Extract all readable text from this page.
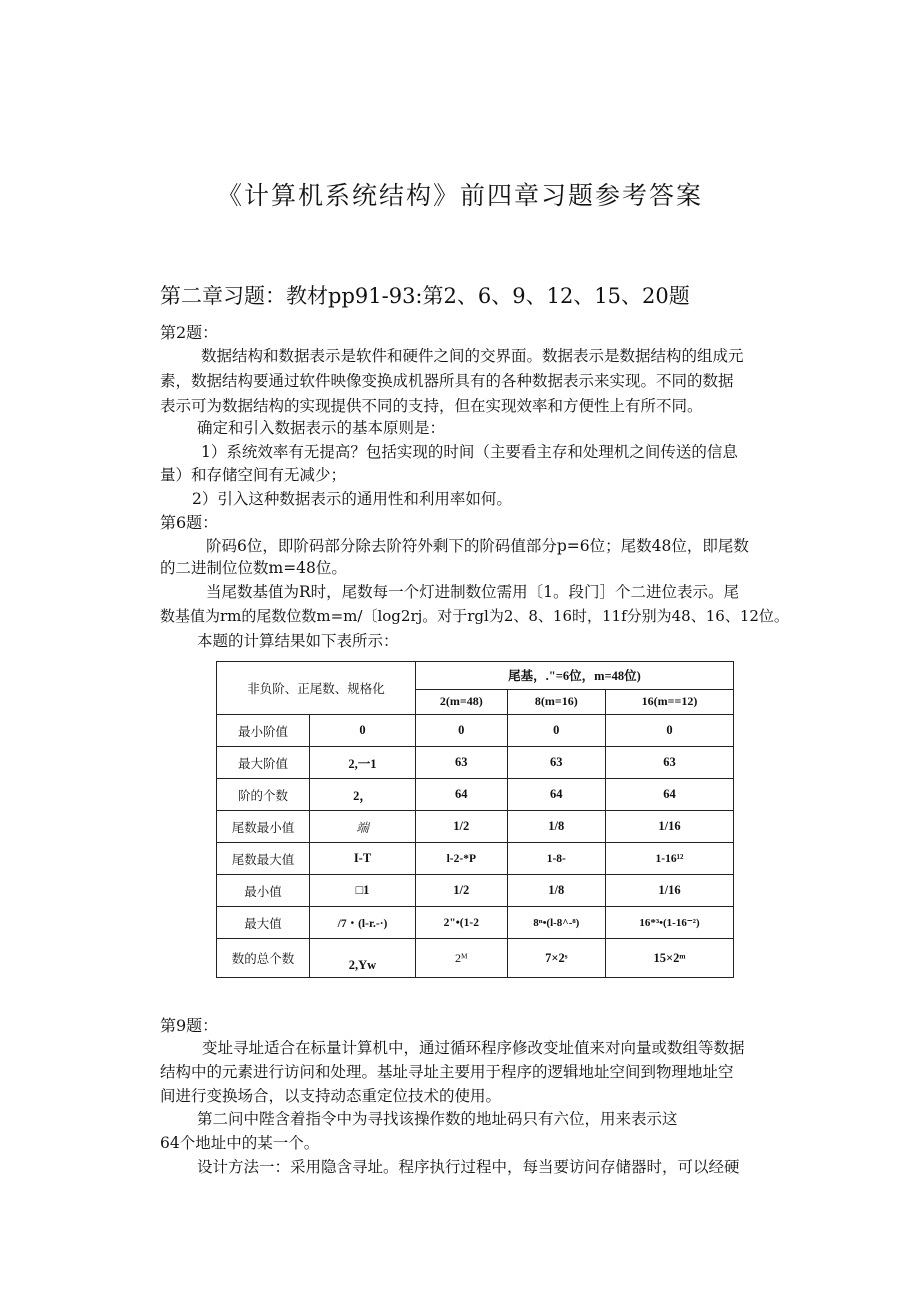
《计算机系统结构》前四章习题参考答案
第二章习题：教材pp91-93:第2、6、9、12、15、20题
第2题：
数据结构和数据表示是软件和硬件之间的交界面。数据表示是数据结构的组成元
素，数据结构要通过软件映像变换成机器所具有的各种数据表示来实现。不同的数据
表示可为数据结构的实现提供不同的支持，但在实现效率和方便性上有所不同。
确定和引入数据表示的基本原则是：
1）系统效率有无提高？包括实现的时间（主要看主存和处理机之间传送的信息
量）和存储空间有无减少；
2）引入这种数据表示的通用性和利用率如何。
第6题：
阶码6位，即阶码部分除去阶符外剩下的阶码值部分p=6位；尾数48位，即尾数
的二进制位位数m=48位。
当尾数基值为R时，尾数每一个灯进制数位需用〔1。段门］个二进位表示。尾
数基值为rm的尾数位数m=m/〔log2rj。对于rgl为2、8、16时，11f分别为48、16、12位。
本题的计算结果如下表所示：
非负阶、正尾数、规格化		尾基，."=6位，m=48位)		
		2(m=48)	8(m=16)	16(m==12)
最小阶值	0	0	0	0
最大阶值	2,一1	63	63	63
阶的个数	2，	64	64	64
尾数最小值	端	1/2	1/8	1/16
尾数最大值	I-T	l-2-*P	1-8-	1-16¹²
最小值	□1	1/2	1/8	1/16
最大值	/7・(l-r.-·)	2"•(1-2	8ⁿ•(l-8^-⁸)	16*³•(1-16⁻²)
数的总个数	2,Yw	2ᴹ	7×2ˢ	15×2ᵐ
第9题：
变址寻址适合在标量计算机中，通过循环程序修改变址值来对向量或数组等数据
结构中的元素进行访问和处理。基址寻址主要用于程序的逻辑地址空间到物理地址空
间进行变换场合，以支持动态重定位技术的使用。
第二问中陛含着指令中为寻找该操作数的地址码只有六位，用来表示这
64个地址中的某一个。
设计方法一：采用隐含寻址。程序执行过程中，每当要访问存储器时，可以经硬
